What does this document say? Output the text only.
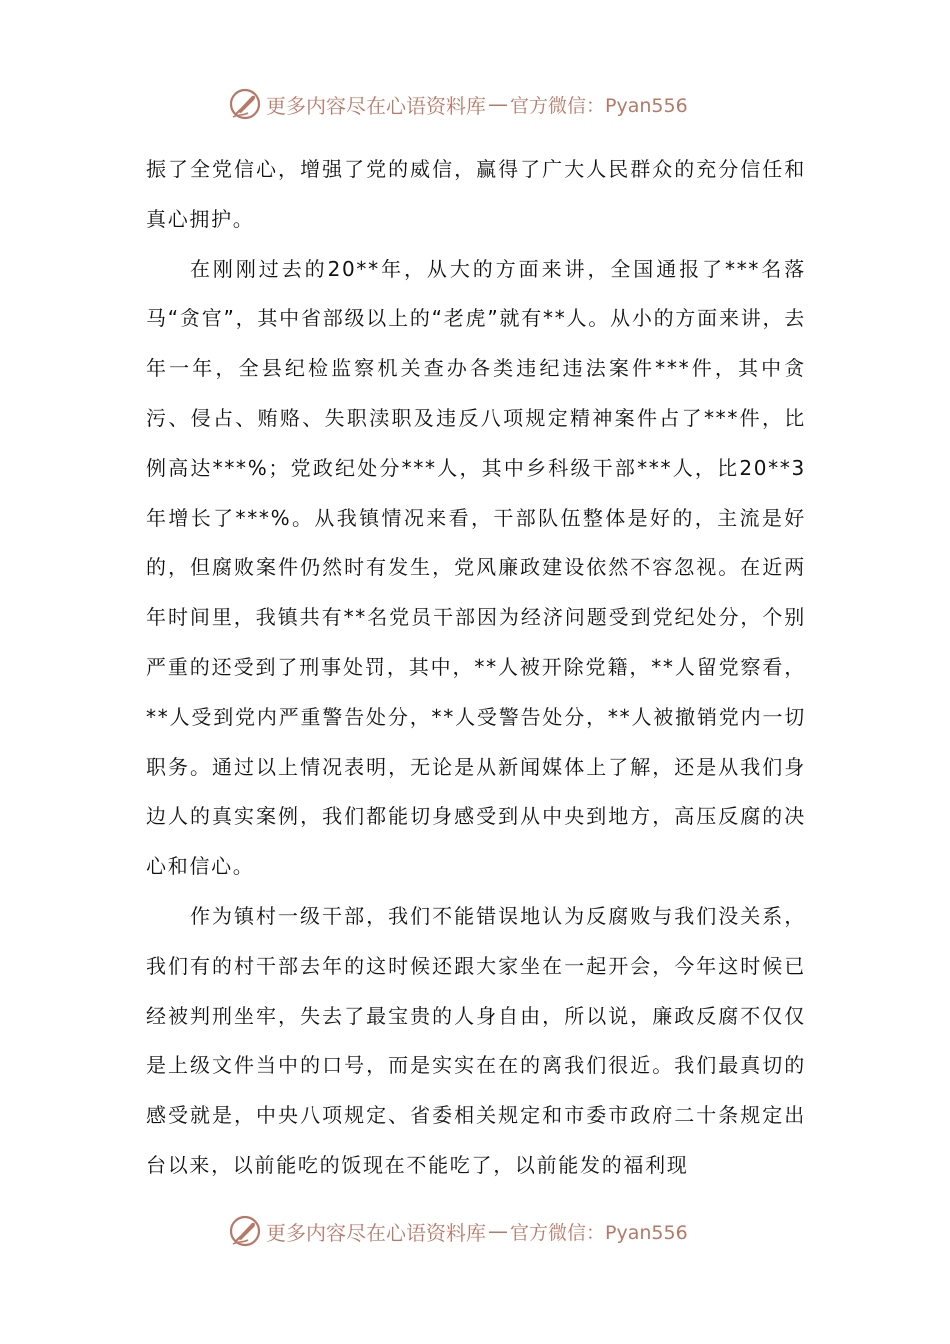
更多内容尽在心语资料库 — 官方微信：Pyan556

振了全党信心，增强了党的威信，赢得了广大人民群众的充分信任和真心拥护。

在刚刚过去的20**年，从大的方面来讲，全国通报了***名落马“贪官”，其中省部级以上的“老虎”就有**人。从小的方面来讲，去年一年，全县纪检监察机关查办各类违纪违法案件***件，其中贪污、侵占、贿赂、失职渎职及违反八项规定精神案件占了***件，比例高达***%；党政纪处分***人，其中乡科级干部***人，比20**3年增长了***%。从我镇情况来看，干部队伍整体是好的，主流是好的，但腐败案件仍然时有发生，党风廉政建设依然不容忽视。在近两年时间里，我镇共有**名党员干部因为经济问题受到党纪处分，个别严重的还受到了刑事处罚，其中，**人被开除党籍，**人留党察看，**人受到党内严重警告处分，**人受警告处分，**人被撤销党内一切职务。通过以上情况表明，无论是从新闻媒体上了解，还是从我们身边人的真实案例，我们都能切身感受到从中央到地方，高压反腐的决心和信心。

作为镇村一级干部，我们不能错误地认为反腐败与我们没关系，我们有的村干部去年的这时候还跟大家坐在一起开会，今年这时候已经被判刑坐牢，失去了最宝贵的人身自由，所以说，廉政反腐不仅仅是上级文件当中的口号，而是实实在在的离我们很近。我们最真切的感受就是，中央八项规定、省委相关规定和市委市政府二十条规定出台以来，以前能吃的饭现在不能吃了，以前能发的福利现

更多内容尽在心语资料库 — 官方微信：Pyan556
